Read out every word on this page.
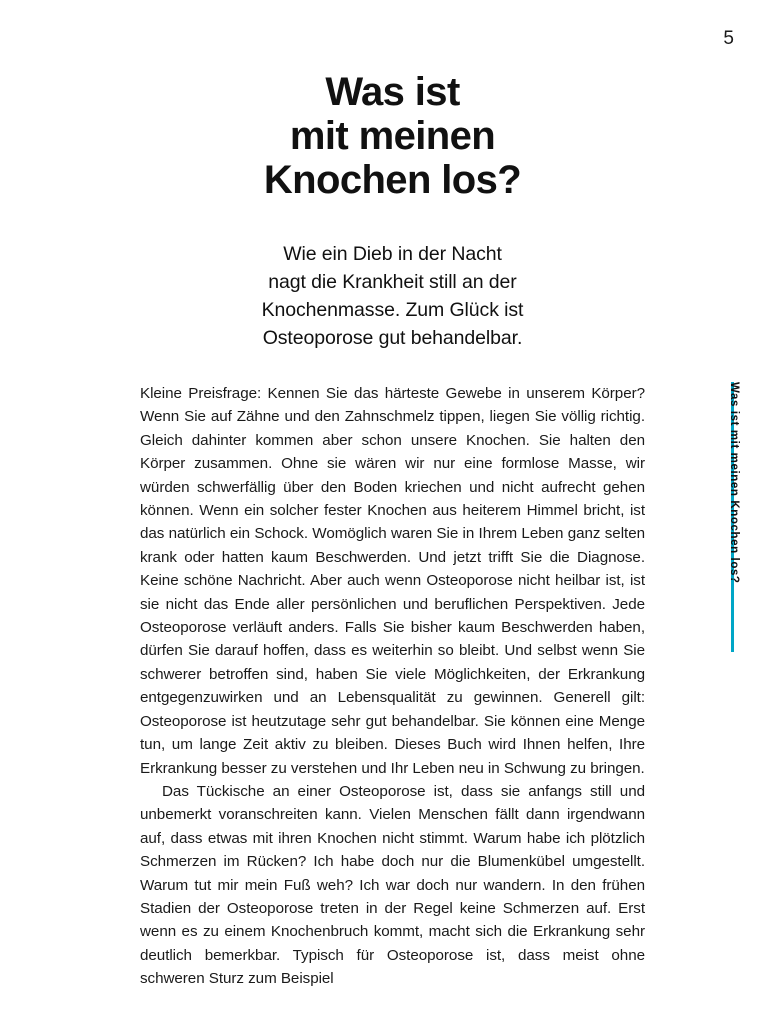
5
Was ist
mit meinen
Knochen los?
Wie ein Dieb in der Nacht
nagt die Krankheit still an der
Knochenmasse. Zum Glück ist
Osteoporose gut behandelbar.

Kleine Preisfrage: Kennen Sie das härteste Gewebe in unserem Körper? Wenn Sie auf Zähne und den Zahnschmelz tippen, liegen Sie völlig richtig. Gleich dahinter kommen aber schon unsere Knochen. Sie halten den Körper zusammen. Ohne sie wären wir nur eine formlose Masse, wir würden schwerfällig über den Boden kriechen und nicht aufrecht gehen können. Wenn ein solcher fester Knochen aus heiterem Himmel bricht, ist das natürlich ein Schock. Womöglich waren Sie in Ihrem Leben ganz selten krank oder hatten kaum Beschwerden. Und jetzt trifft Sie die Diagnose. Keine schöne Nachricht. Aber auch wenn Osteoporose nicht heilbar ist, ist sie nicht das Ende aller persönlichen und beruflichen Perspektiven. Jede Osteoporose verläuft anders. Falls Sie bisher kaum Beschwerden haben, dürfen Sie darauf hoffen, dass es weiterhin so bleibt. Und selbst wenn Sie schwerer betroffen sind, haben Sie viele Möglichkeiten, der Erkrankung entgegenzuwirken und an Lebensqualität zu gewinnen. Generell gilt: Osteoporose ist heutzutage sehr gut behandelbar. Sie können eine Menge tun, um lange Zeit aktiv zu bleiben. Dieses Buch wird Ihnen helfen, Ihre Erkrankung besser zu verstehen und Ihr Leben neu in Schwung zu bringen.

Das Tückische an einer Osteoporose ist, dass sie anfangs still und unbemerkt voranschreiten kann. Vielen Menschen fällt dann irgendwann auf, dass etwas mit ihren Knochen nicht stimmt. Warum habe ich plötzlich Schmerzen im Rücken? Ich habe doch nur die Blumenkübel umgestellt. Warum tut mir mein Fuß weh? Ich war doch nur wandern. In den frühen Stadien der Osteoporose treten in der Regel keine Schmerzen auf. Erst wenn es zu einem Knochenbruch kommt, macht sich die Erkrankung sehr deutlich bemerkbar. Typisch für Osteoporose ist, dass meist ohne schweren Sturz zum Beispiel

Was ist mit meinen Knochen los?
